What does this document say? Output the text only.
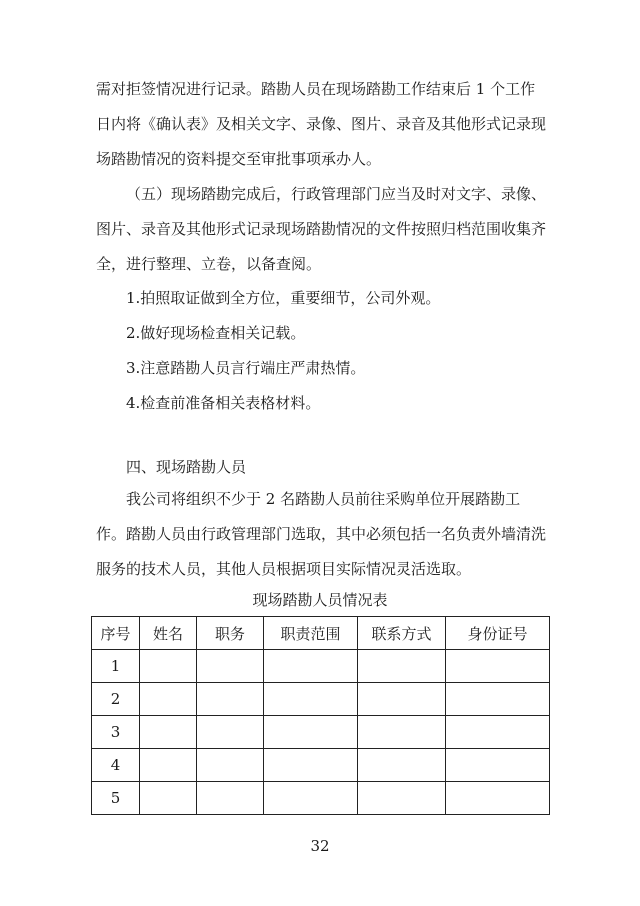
需对拒签情况进行记录。踏勘人员在现场踏勘工作结束后 1 个工作日内将《确认表》及相关文字、录像、图片、录音及其他形式记录现场踏勘情况的资料提交至审批事项承办人。

（五）现场踏勘完成后，行政管理部门应当及时对文字、录像、图片、录音及其他形式记录现场踏勘情况的文件按照归档范围收集齐全，进行整理、立卷，以备查阅。

1.拍照取证做到全方位，重要细节，公司外观。

2.做好现场检查相关记载。

3.注意踏勘人员言行端庄严肃热情。

4.检查前准备相关表格材料。

四、现场踏勘人员

我公司将组织不少于 2 名踏勘人员前往采购单位开展踏勘工作。 踏勘人员由行政管理部门选取，其中必须包括一名负责外墙清洗服务的技术人员，其他人员根据项目实际情况灵活选取。

现场踏勘人员情况表
序号	姓名	职务	职责范围	联系方式	身份证号
1					
2					
3					
4					
5					
32
